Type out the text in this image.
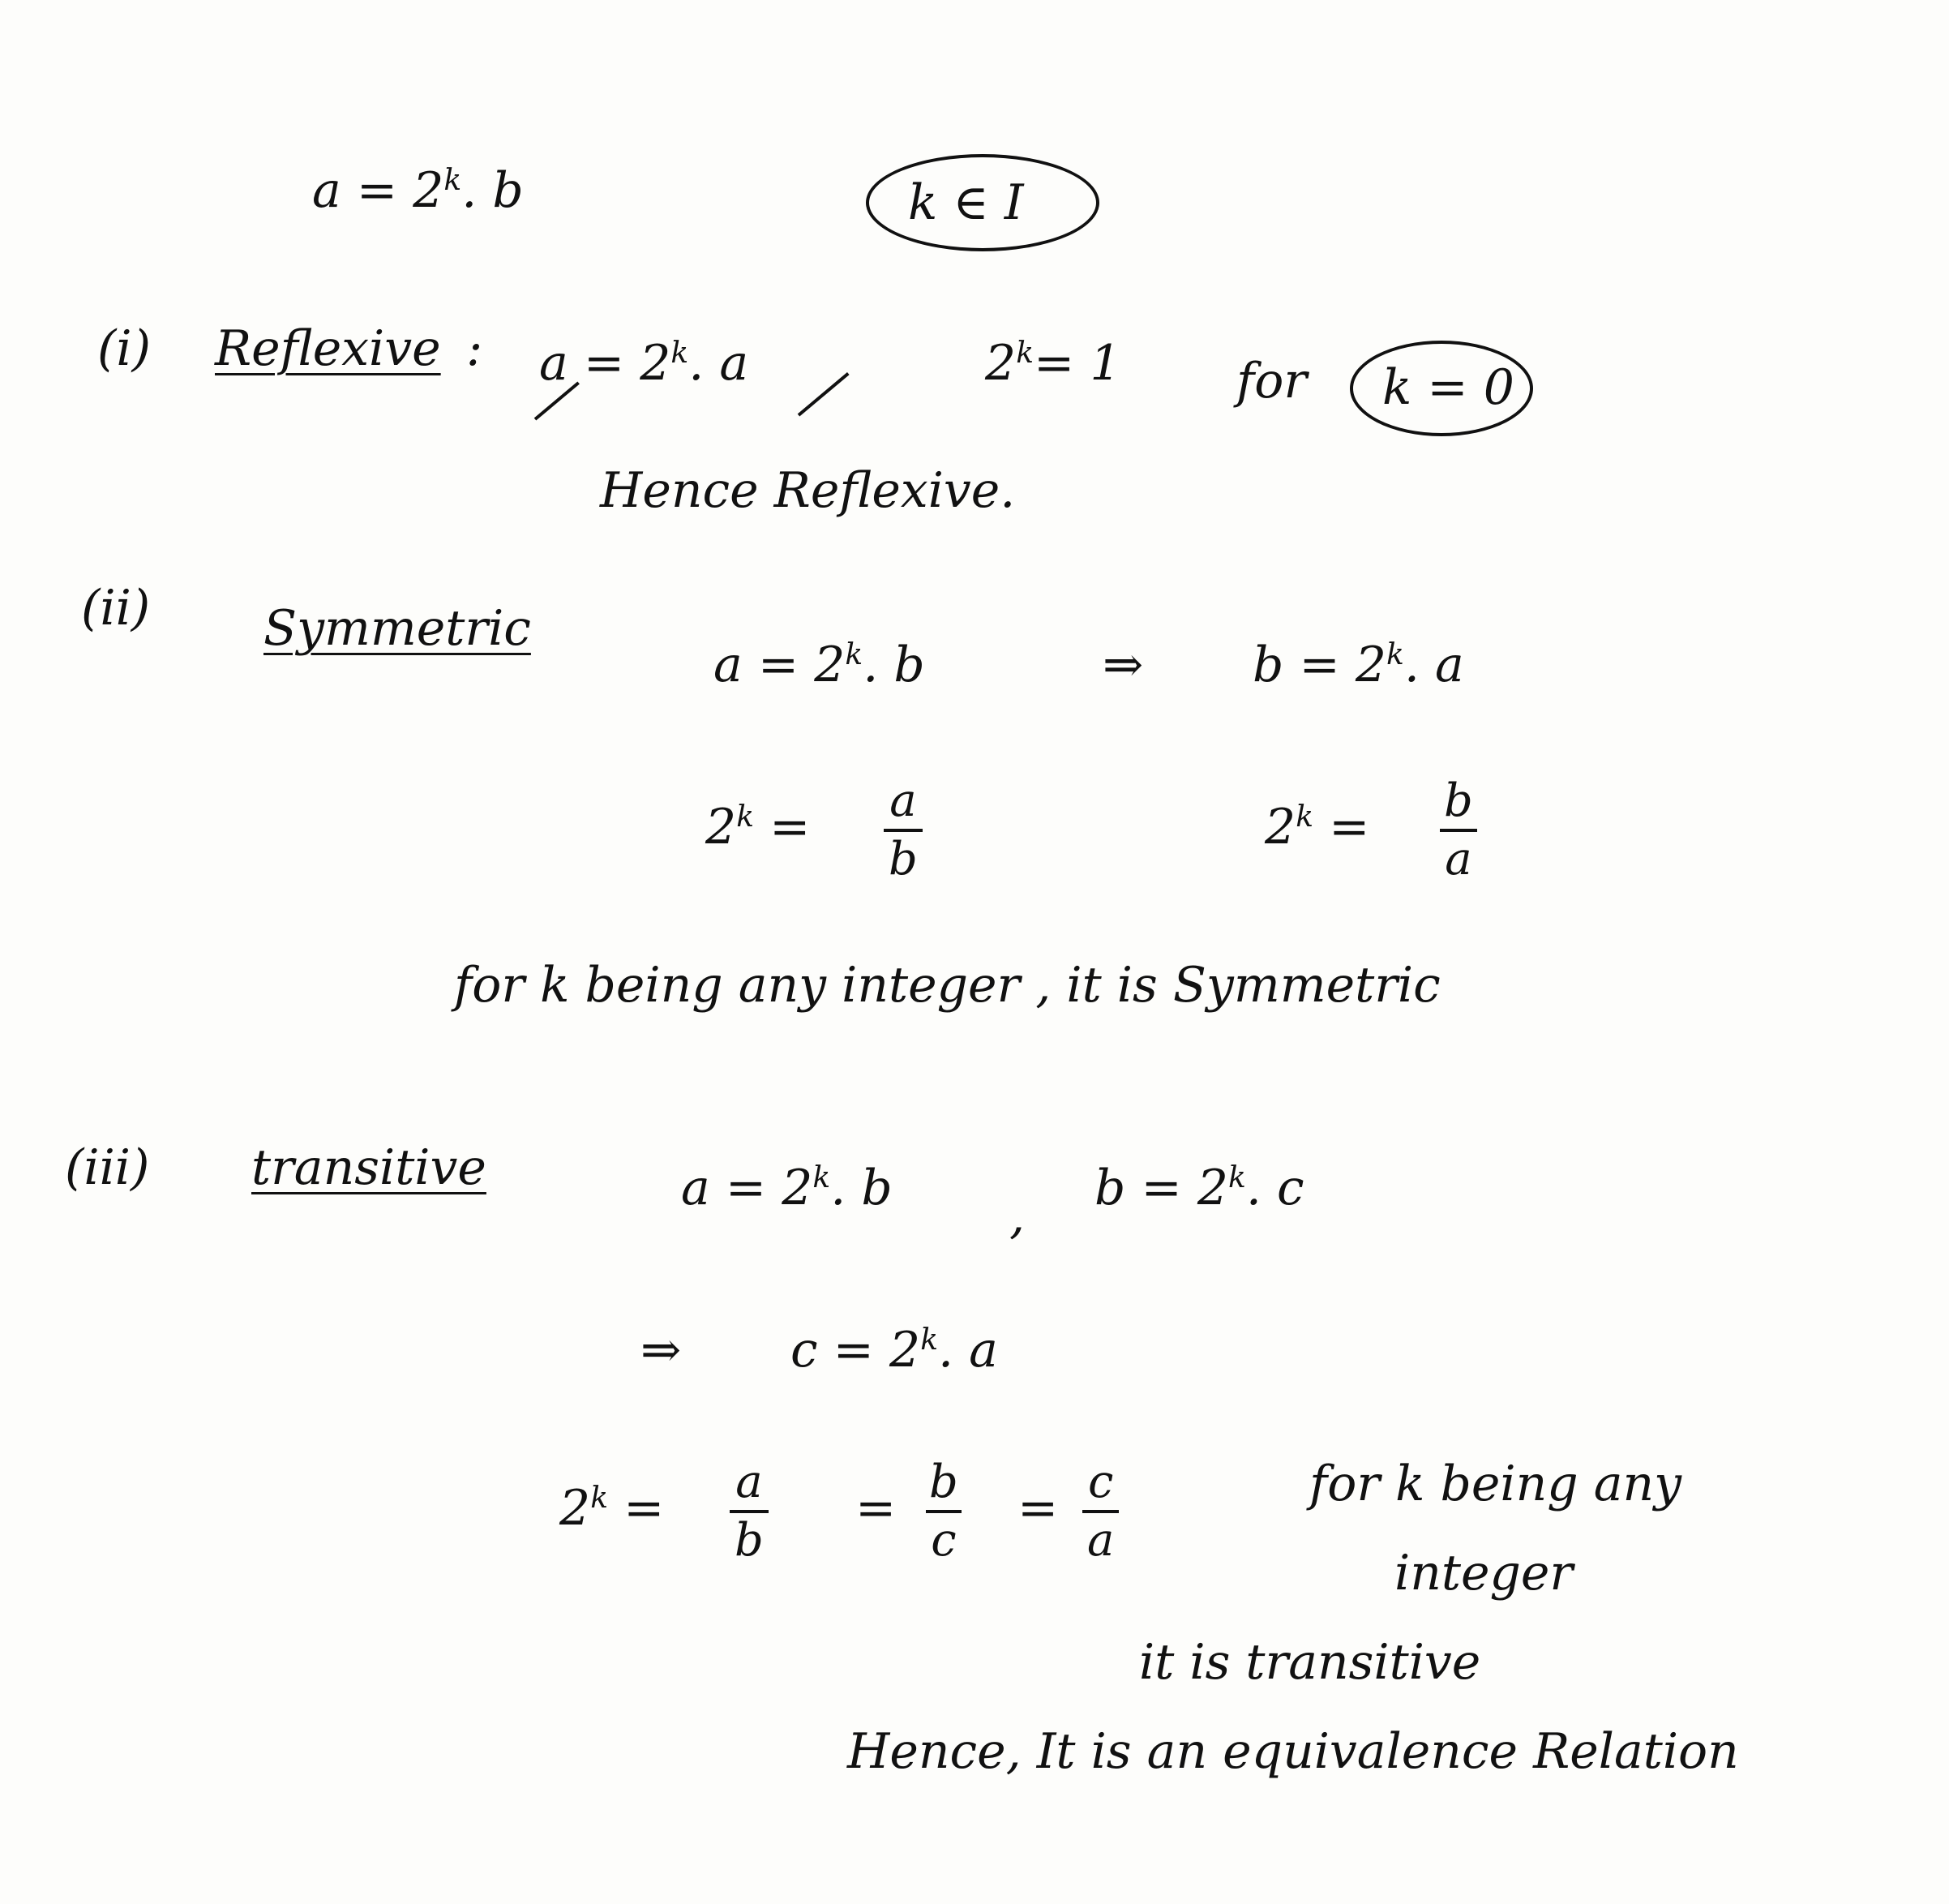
$a = 2^k$. b	k ∈ I
(i) Reflexive : $a = 2^k$. a	$2^k= 1$ for k = 0
Hence Reflexive.
(ii) Symmetric
$a = 2^k$. b	⇒ $b = 2^k$. a
$2^k = \frac{a}{b}$	$2^k = \frac{b}{a}$
for k being any integer , it is Symmetric
(iii) transitive	$a = 2^k$. b , $b = 2^k$. c
⇒ $c = 2^k$. a
$2^k = \frac{a}{b} = \frac{b}{c} = \frac{c}{a}$	for k being any
integer
it is transitive
Hence, It is an equivalence Relation
